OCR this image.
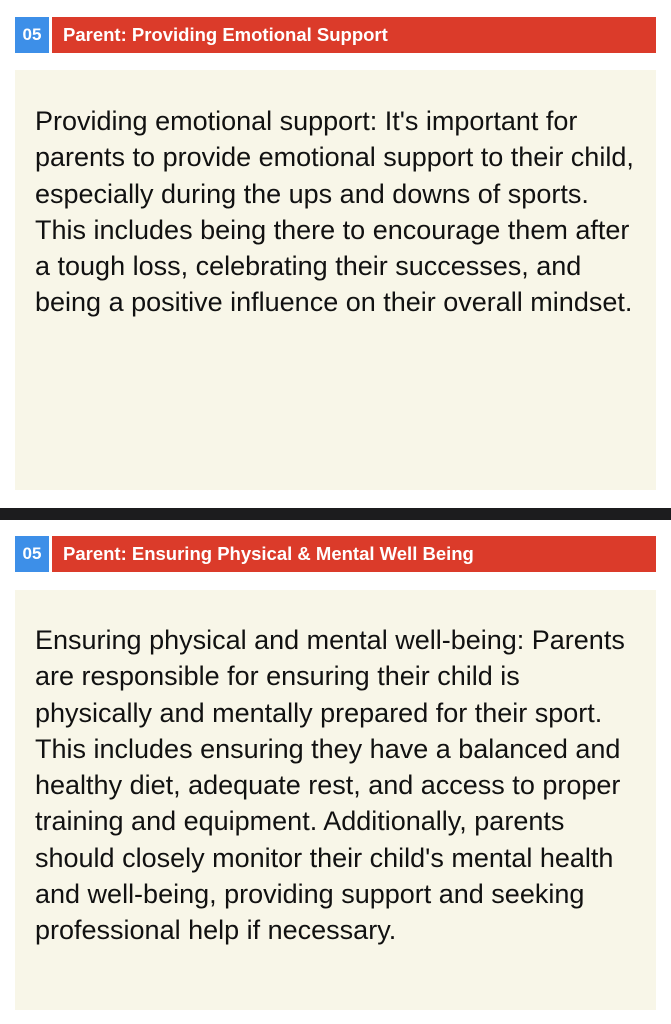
05	Parent: Providing Emotional Support

Providing emotional support: It's important for parents to provide emotional support to their child, especially during the ups and downs of sports. This includes being there to encourage them after a tough loss, celebrating their successes, and being a positive influence on their overall mindset.

05	Parent: Ensuring Physical & Mental Well Being

Ensuring physical and mental well-being: Parents are responsible for ensuring their child is physically and mentally prepared for their sport. This includes ensuring they have a balanced and healthy diet, adequate rest, and access to proper training and equipment. Additionally, parents should closely monitor their child's mental health and well-being, providing support and seeking professional help if necessary.
